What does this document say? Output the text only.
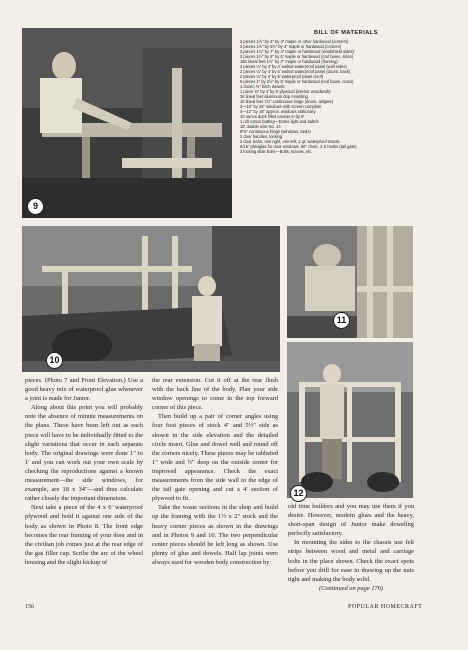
9
BILL OF MATERIALS
2 pieces 1½" by 4" by 4" maple or other hardwood (corners)
2 pieces 1½" by 5½" by 4" maple or hardwood (corners)
2 pieces 1½" by 7" by 4" maple or hardwood (windshield sides)
2 pieces 1½" by 8" by 5' maple or hardwood (roof bows, sides)
180 lineal feet 1½" by 2" maple or hardwood (framing)
2 pieces ¼" by 4' by 4' walnut waterproof panel (wall sides)
2 pieces ¼" by 4' by 5' walnut waterproof panel (doors, back)
2 pieces ¼" by 4' by 5' waterproof panel (roof)
5 pieces 1" by 2½" by 5' maple or hardwood (roof bows, cross)
1 dozen ⅜" birch dowels
1 piece ⅜" by 4' by 8' plywood (interior woodwork)
36 lineal feet aluminum drip moulding
10 lineal feet 1½" continuous hinge (doors, tailgate)
2—18" by 24" windows with screen complete
4—12" by 18" approx. windows stationary
10 ounce duck filled canvas 6' by 9'
1 roll cotton batting—Dome light and switch
18' double wire No. 14
8'⅜" continuous hinge (windows, beds)
2 door handles, locking
2 door locks, one right, one left, 1 qt. waterproof mastic
5/16" plexiglas for door windows, 60" chain, 4 S hooks (tail gate)
3 locking slide bolts—Bolts, screws, etc.
10
11
12

pieces. (Photo 7 and Front Elevation.) Use a good heavy mix of waterproof glue whenever a joint is made for Junior.

Along about this point you will probably note the absence of minute measurements on the plans. These have been left out as each piece will have to be individually fitted to the slight variations that occur in each separate body. The original drawings were done 1" to 1' and you can work out your own scale by checking the reproductions against a known measurement—the side windows, for example, are 18 x 34"—and thus calculate rather closely the important dimensions.

Next take a piece of the 4 x 6' waterproof plywood and hold it against one side of the body as shown in Photo 8. The front edge becomes the rear framing of your door and in the civilian job comes just at the rear edge of the gas filler cap. Scribe the arc of the wheel housing and the slight kickup of

the rear extension. Cut it off at the rear flush with the back line of the body. Plan your side window openings to come in the top forward corner of this piece.

Then build up a pair of corner angles using four foot pieces of stock 4" and 5½" side as shown in the side elevation and the detailed circle insert. Glue and dowel well and round off the corners nicely. These pieces may be rabbeted 1" wide and ½" deep on the outside center for improved appearance. Check the exact measurements from the side wall to the edge of the tail gate opening and cut a 4' section of plywood to fit.

Take the waste sections in the shop and build up the framing with the 1½ x 2" stock and the heavy corner pieces as shown in the drawings and in Photos 9 and 10. The two perpendicular center pieces should be left long as shown. Use plenty of glue and dowels. Half lap joints were always used for wooden body construction by

old time builders and you may use them if you desire. However, modern glues and the heavy, short-span design of Junior make doweling perfectly satisfactory.

In mounting the sides to the chassis use felt strips between wood and metal and carriage bolts in the place shown. Check the exact spots before you drill for ease in drawing up the nuts tight and making the body solid.

(Continued on page 176)

156	POPULAR HOMECRAFT
